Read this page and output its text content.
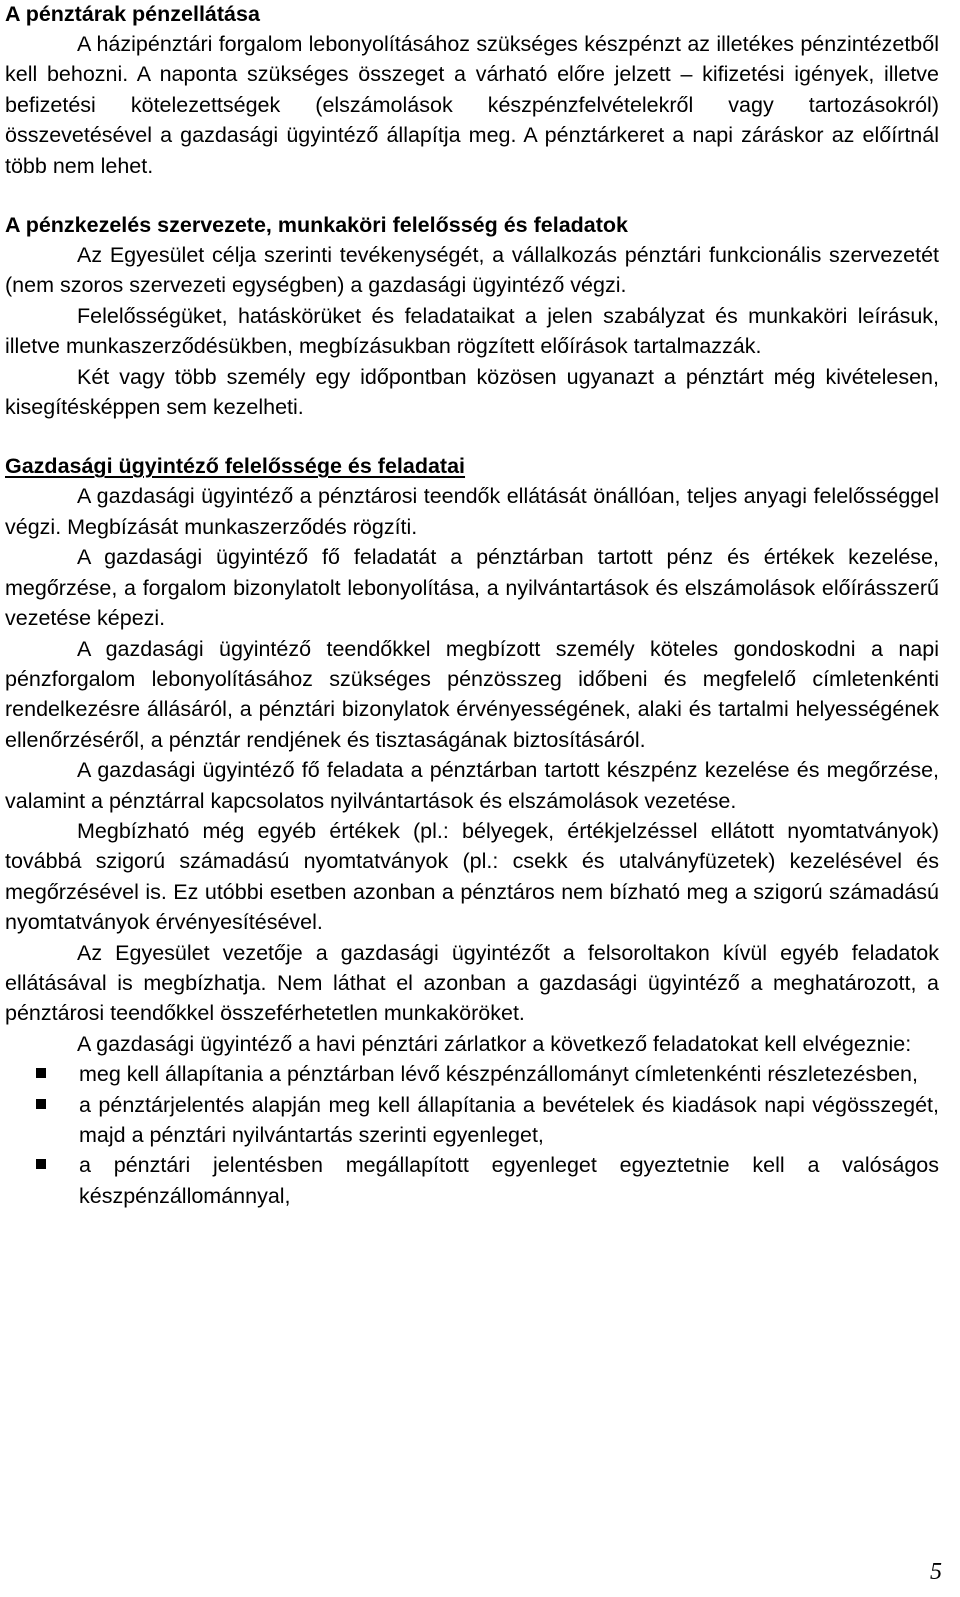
A pénztárak pénzellátása

A házipénztári forgalom lebonyolításához szükséges készpénzt az illetékes pénzintézetből kell behozni. A naponta szükséges összeget a várható előre jelzett – kifizetési igények, illetve befizetési kötelezettségek (elszámolások készpénzfelvételekről vagy tartozásokról) összevetésével a gazdasági ügyintéző állapítja meg. A pénztárkeret a napi záráskor az előírtnál több nem lehet.

A pénzkezelés szervezete, munkaköri felelősség és feladatok

Az Egyesület célja szerinti tevékenységét, a vállalkozás pénztári funkcionális szervezetét (nem szoros szervezeti egységben) a gazdasági ügyintéző végzi.

Felelősségüket, hatáskörüket és feladataikat a jelen szabályzat és munkaköri leírásuk, illetve munkaszerződésükben, megbízásukban rögzített előírások tartalmazzák.

Két vagy több személy egy időpontban közösen ugyanazt a pénztárt még kivételesen, kisegítésképpen sem kezelheti.

Gazdasági ügyintéző felelőssége és feladatai

A gazdasági ügyintéző a pénztárosi teendők ellátását önállóan, teljes anyagi felelősséggel végzi. Megbízását munkaszerződés rögzíti.

A gazdasági ügyintéző fő feladatát a pénztárban tartott pénz és értékek kezelése, megőrzése, a forgalom bizonylatolt lebonyolítása, a nyilvántartások és elszámolások előírásszerű vezetése képezi.

A gazdasági ügyintéző teendőkkel megbízott személy köteles gondoskodni a napi pénzforgalom lebonyolításához szükséges pénzösszeg időbeni és megfelelő címletenkénti rendelkezésre állásáról, a pénztári bizonylatok érvényességének, alaki és tartalmi helyességének ellenőrzéséről, a pénztár rendjének és tisztaságának biztosításáról.

A gazdasági ügyintéző fő feladata a pénztárban tartott készpénz kezelése és megőrzése, valamint a pénztárral kapcsolatos nyilvántartások és elszámolások vezetése.

Megbízható még egyéb értékek (pl.: bélyegek, értékjelzéssel ellátott nyomtatványok) továbbá szigorú számadású nyomtatványok (pl.: csekk és utalványfüzetek) kezelésével és megőrzésével is. Ez utóbbi esetben azonban a pénztáros nem bízható meg a szigorú számadású nyomtatványok érvényesítésével.

Az Egyesület vezetője a gazdasági ügyintézőt a felsoroltakon kívül egyéb feladatok ellátásával is megbízhatja. Nem láthat el azonban a gazdasági ügyintéző a meghatározott, a pénztárosi teendőkkel összeférhetetlen munkaköröket.

A gazdasági ügyintéző a havi pénztári zárlatkor a következő feladatokat kell elvégeznie:

meg kell állapítania a pénztárban lévő készpénzállományt címletenkénti részletezésben,
a pénztárjelentés alapján meg kell állapítania a bevételek és kiadások napi végösszegét, majd a pénztári nyilvántartás szerinti egyenleget,
a pénztári jelentésben megállapított egyenleget egyeztetnie kell a valóságos készpénzállománnyal,
5
